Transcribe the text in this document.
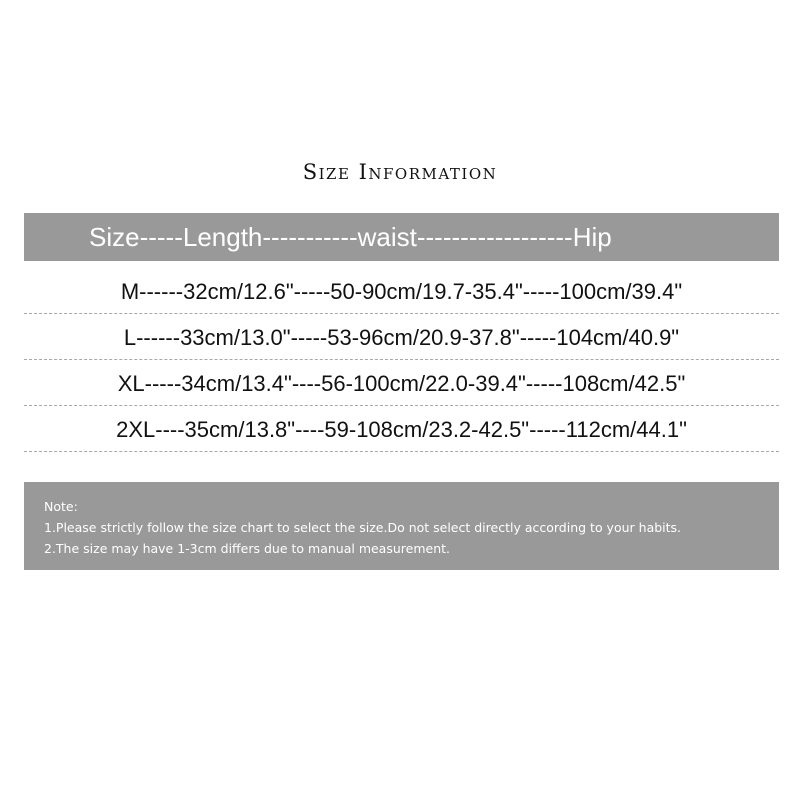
Size Information
Size-----Length-----------waist------------------Hip
M------32cm/12.6"-----50-90cm/19.7-35.4"-----100cm/39.4"
L------33cm/13.0"-----53-96cm/20.9-37.8"-----104cm/40.9"
XL-----34cm/13.4"----56-100cm/22.0-39.4"-----108cm/42.5"
2XL----35cm/13.8"----59-108cm/23.2-42.5"-----112cm/44.1"
Note:
1.Please strictly follow the size chart to select the size.Do not select directly according to your habits.
2.The size may have 1-3cm differs due to manual measurement.
